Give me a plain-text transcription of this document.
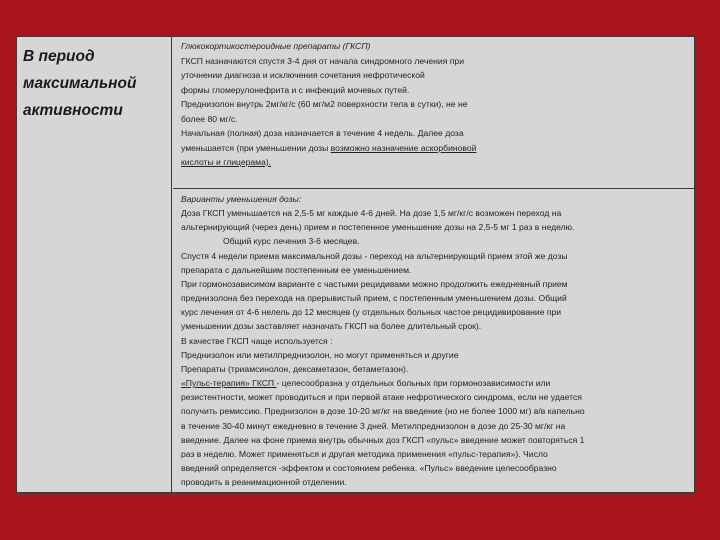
В период

максимальной

активности

Глюкокортикостероидные препараты (ГКСП)
ГКСП назначаются спустя 3-4 дня от начала синдромного лечения при
уточнении диагноза и исключения сочетания нефротической
формы гломерулонефрита и с инфекций мочевых путей.
Преднизолон внутрь 2мг/кг/с (60 мг/м2 поверхности тела в сутки), не не
более 80 мг/с.
Начальная (полная) доза назначается в течение 4 недель. Далее доза
уменьшается (при уменьшении дозы возможно назначение аскорбиновой
кислоты и глицерама).
Варианты уменьшения дозы:
Доза ГКСП уменьшается на 2,5-5 мг каждые 4-6 дней. На дозе 1,5 мг/кг/с возможен переход на
альтернирующий (через день) прием и постепенное уменьшение дозы на 2,5-5 мг 1 раз в неделю.
Общий курс лечения 3-6 месяцев.
Спустя 4 недели приема максимальной дозы - переход на альтернирующий прием этой же дозы
препарата с дальнейшим постепенным ее уменьшением.
При гормонозависимом варианте с частыми рецидивами можно продолжить ежедневный прием
преднизолона без перехода на прерывистый прием, с постепенным уменьшением дозы. Общий
курс лечения от 4-6 нелель до 12 месяцев (у отдельных больных частое рецидивирование при
уменьшении дозы заставляет назначать ГКСП на более длительный срок).
В качестве ГКСП чаще используется :
Преднизолон или метилпреднизолон, но могут применяться и другие
Препараты (триамсинолон, дексаметазон, бетаметазон).
«Пульс-терапия» ГКСП - целесообразна у отдельных больных при гормонозависимости или
резистентности, может проводиться и при первой атаке нефротического синдрома, если не удается
получить ремиссию. Преднизолон в дозе 10-20 мг/кг на введение (но не более 1000 мг) в/в капельно
в течение 30-40 минут ежедневно в течение 3 дней. Метилпреднизолон в дозе до 25-30 мг/кг на
введение. Далее на фоне приема внутрь обычных доз ГКСП «пульс» введение может повторяться 1
раз в неделю. Может применяться и другая методика применения «пульс-терапия»). Число
введений определяется -эффектом и состоянием ребенка. «Пульс» введение целесообразно
проводить в реанимационной отделении.
